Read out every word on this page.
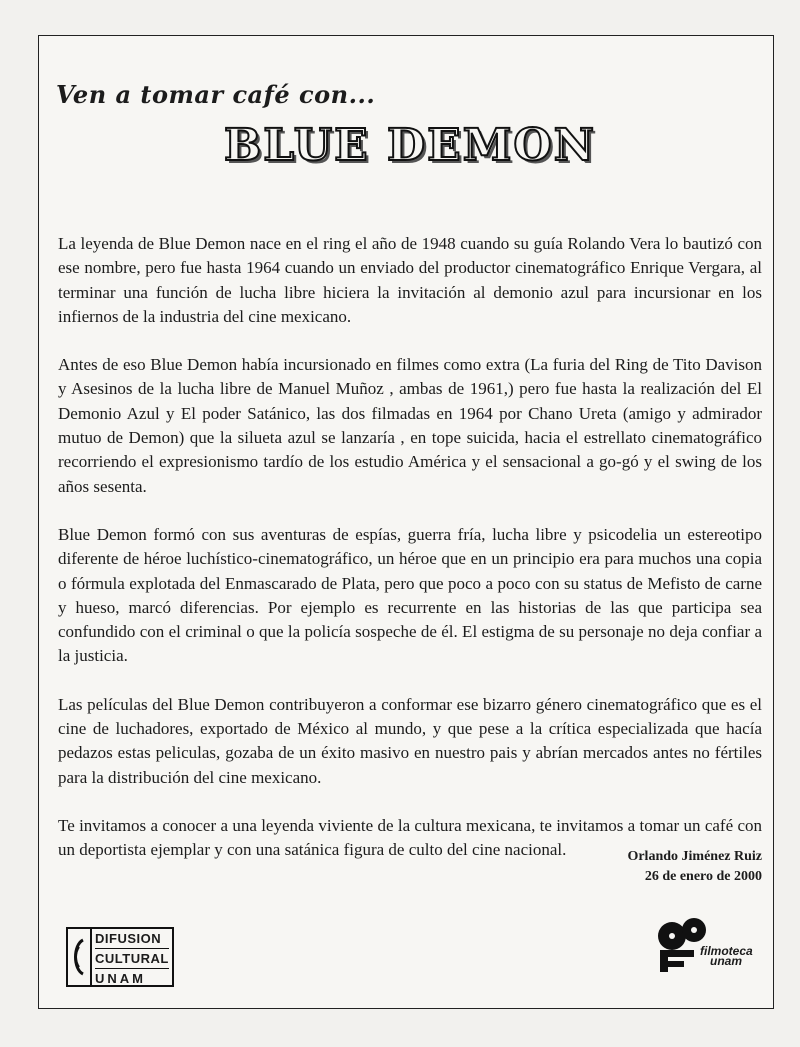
Ven a tomar café con...
BLUE DEMON

La leyenda de Blue Demon nace en el ring el año de 1948 cuando su guía Rolando Vera lo bautizó con ese nombre, pero fue hasta 1964 cuando un enviado del productor cinematográfico Enrique Vergara, al terminar una función de lucha libre hiciera la invitación al demonio azul para incursionar en los infiernos de la industria del cine mexicano.

Antes de eso Blue Demon había incursionado en filmes como extra (La furia del Ring de Tito Davison y Asesinos de la lucha libre de Manuel Muñoz , ambas de 1961,) pero fue hasta la realización del El Demonio Azul y El poder Satánico, las dos filmadas en 1964 por Chano Ureta (amigo y admirador mutuo de Demon) que la silueta azul se lanzaría , en tope suicida, hacia el estrellato cinematográfico recorriendo el expresionismo tardío de los estudio América y el sensacional a go-gó y el swing de los años sesenta.

Blue Demon formó con sus aventuras de espías, guerra fría, lucha libre y psicodelia un estereotipo diferente de héroe luchístico-cinematográfico, un héroe que en un principio era para muchos una copia o fórmula explotada del Enmascarado de Plata, pero que poco a poco con su status de Mefisto de carne y hueso, marcó diferencias. Por ejemplo es recurrente en las historias de las que participa sea confundido con el criminal o que la policía sospeche de él. El estigma de su personaje no deja confiar a la justicia.

Las películas del Blue Demon contribuyeron a conformar ese bizarro género cinematográfico que es el cine de luchadores, exportado de México al mundo, y que pese a la crítica especializada que hacía pedazos estas peliculas, gozaba de un éxito masivo en nuestro pais y abrían mercados antes no fértiles para la distribución del cine mexicano.

Te invitamos a conocer a una leyenda viviente de la cultura mexicana, te invitamos a tomar un café con un deportista ejemplar y con una satánica figura de culto del cine nacional.	Orlando Jiménez Ruiz
26 de enero de 2000
DIFUSION
CULTURAL
UNAM
filmoteca
unam
